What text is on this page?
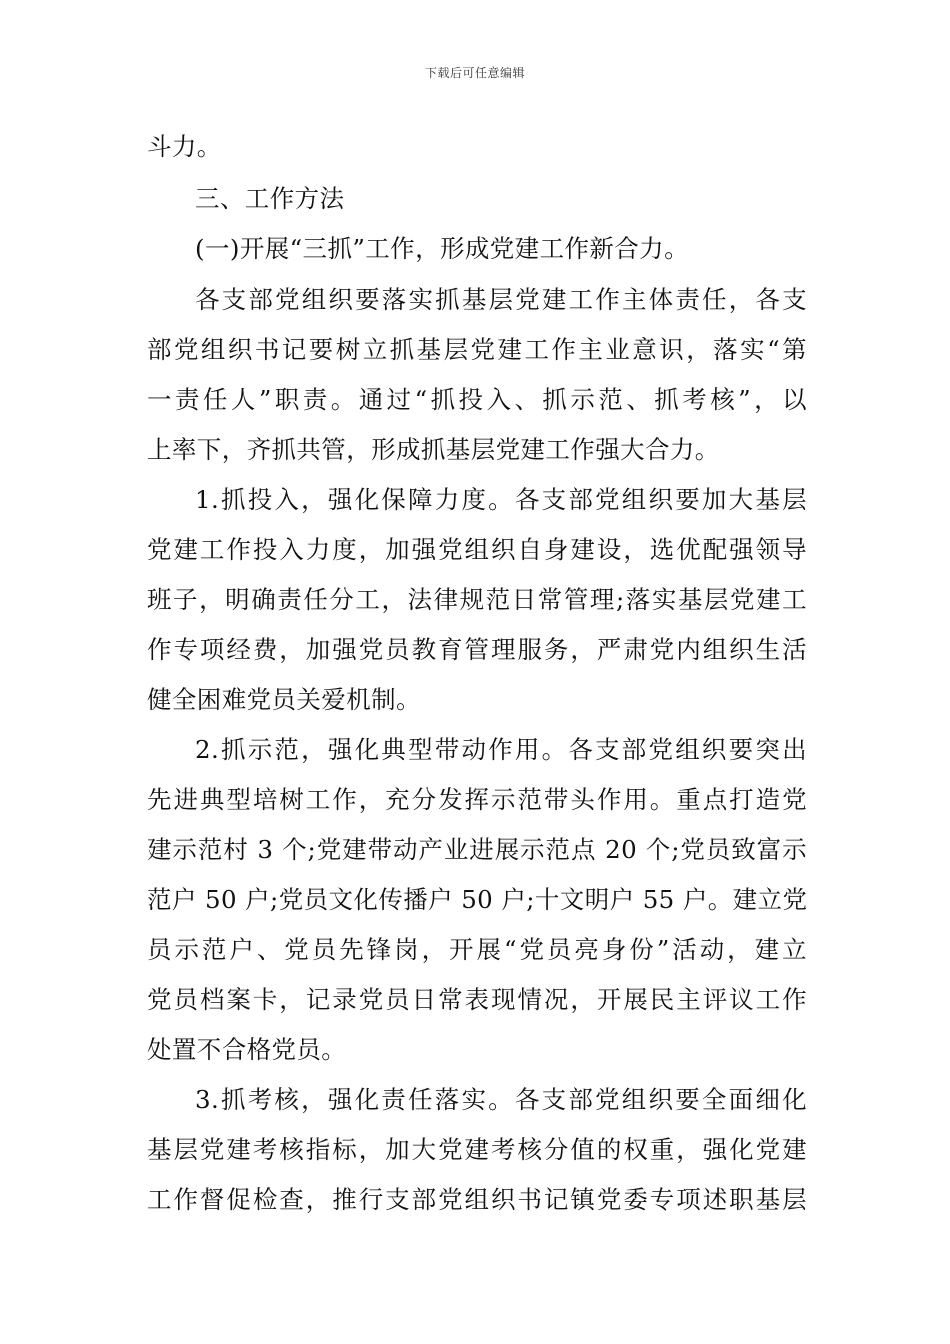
下载后可任意编辑
斗力。
三、工作方法
(一)开展“三抓”工作，形成党建工作新合力。
各支部党组织要落实抓基层党建工作主体责任，各支
部党组织书记要树立抓基层党建工作主业意识，落实“第
一责任人”职责。通过“抓投入、抓示范、抓考核”，以
上率下，齐抓共管，形成抓基层党建工作强大合力。
1.抓投入，强化保障力度。各支部党组织要加大基层
党建工作投入力度，加强党组织自身建设，选优配强领导
班子，明确责任分工，法律规范日常管理;落实基层党建工
作专项经费，加强党员教育管理服务，严肃党内组织生活
健全困难党员关爱机制。
2.抓示范，强化典型带动作用。各支部党组织要突出
先进典型培树工作，充分发挥示范带头作用。重点打造党
建示范村 3 个;党建带动产业进展示范点 20 个;党员致富示
范户 50 户;党员文化传播户 50 户;十文明户 55 户。建立党
员示范户、党员先锋岗，开展“党员亮身份”活动，建立
党员档案卡，记录党员日常表现情况，开展民主评议工作
处置不合格党员。
3.抓考核，强化责任落实。各支部党组织要全面细化
基层党建考核指标，加大党建考核分值的权重，强化党建
工作督促检查，推行支部党组织书记镇党委专项述职基层
